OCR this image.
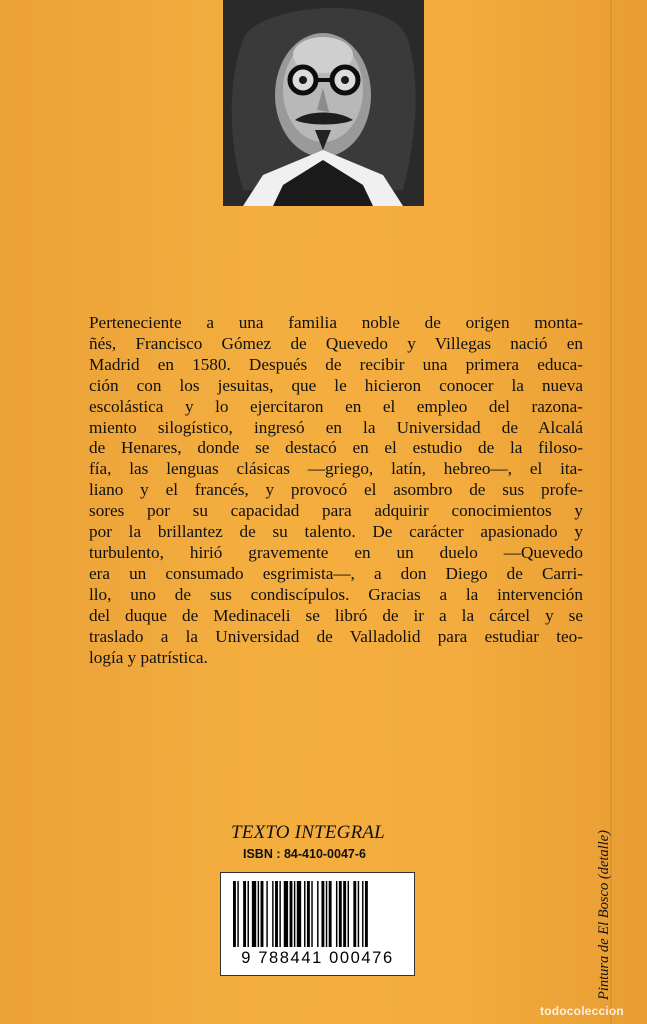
Perteneciente a una familia noble de origen monta-
ñés, Francisco Gómez de Quevedo y Villegas nació en
Madrid en 1580. Después de recibir una primera educa-
ción con los jesuitas, que le hicieron conocer la nueva
escolástica y lo ejercitaron en el empleo del razona-
miento silogístico, ingresó en la Universidad de Alcalá
de Henares, donde se destacó en el estudio de la filoso-
fía, las lenguas clásicas —griego, latín, hebreo—, el ita-
liano y el francés, y provocó el asombro de sus profe-
sores por su capacidad para adquirir conocimientos y
por la brillantez de su talento. De carácter apasionado y
turbulento, hirió gravemente en un duelo —Quevedo
era un consumado esgrimista—, a don Diego de Carri-
llo, uno de sus condiscípulos. Gracias a la intervención
del duque de Medinaceli se libró de ir a la cárcel y se
traslado a la Universidad de Valladolid para estudiar teo-
logía y patrística.
TEXTO INTEGRAL
ISBN : 84-410-0047-6
9 788441 000476	Pintura de El Bosco (detalle)
todocoleccion
